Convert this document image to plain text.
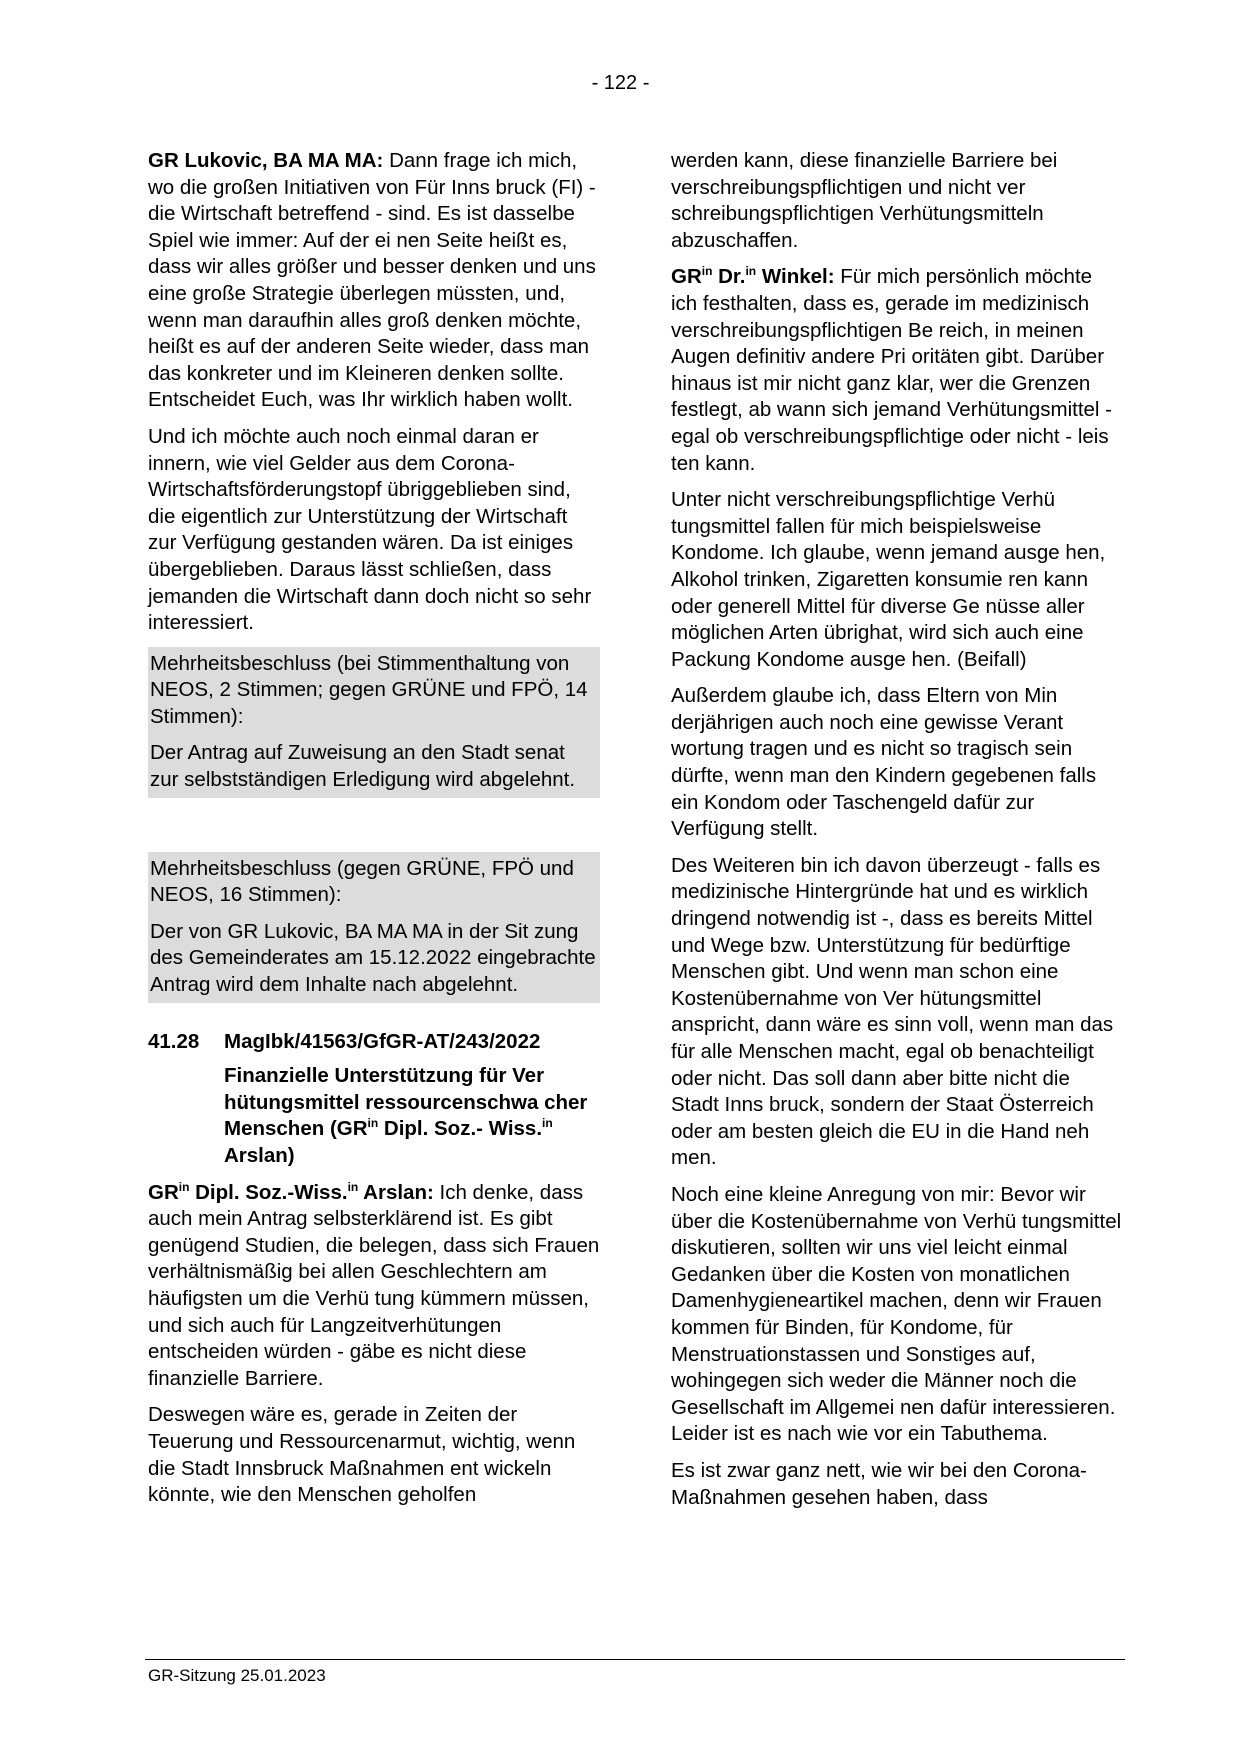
- 122 -

GR Lukovic, BA MA MA: Dann frage ich mich, wo die großen Initiativen von Für Inns bruck (FI) - die Wirtschaft betreffend - sind. Es ist dasselbe Spiel wie immer: Auf der ei nen Seite heißt es, dass wir alles größer und besser denken und uns eine große Strategie überlegen müssten, und, wenn man daraufhin alles groß denken möchte, heißt es auf der anderen Seite wieder, dass man das konkreter und im Kleineren denken sollte. Entscheidet Euch, was Ihr wirklich haben wollt.

Und ich möchte auch noch einmal daran er innern, wie viel Gelder aus dem Corona- Wirtschaftsförderungstopf übriggeblieben sind, die eigentlich zur Unterstützung der Wirtschaft zur Verfügung gestanden wären. Da ist einiges übergeblieben. Daraus lässt schließen, dass jemanden die Wirtschaft dann doch nicht so sehr interessiert.

Mehrheitsbeschluss (bei Stimmenthaltung von NEOS, 2 Stimmen; gegen GRÜNE und FPÖ, 14 Stimmen):

Der Antrag auf Zuweisung an den Stadt senat zur selbstständigen Erledigung wird abgelehnt.

Mehrheitsbeschluss (gegen GRÜNE, FPÖ und NEOS, 16 Stimmen):

Der von GR Lukovic, BA MA MA in der Sit zung des Gemeinderates am 15.12.2022 eingebrachte Antrag wird dem Inhalte nach abgelehnt.

41.28	MagIbk/41563/GfGR-AT/243/2022
Finanzielle Unterstützung für Ver hütungsmittel ressourcenschwa cher Menschen ($GR^{in}$ Dipl. Soz.- Wiss.$^{in}$ Arslan)

$GR^{in}$ Dipl. Soz.-Wiss.$^{in}$ Arslan: Ich denke, dass auch mein Antrag selbsterklärend ist. Es gibt genügend Studien, die belegen, dass sich Frauen verhältnismäßig bei allen Geschlechtern am häufigsten um die Verhü tung kümmern müssen, und sich auch für Langzeitverhütungen entscheiden würden - gäbe es nicht diese finanzielle Barriere.

Deswegen wäre es, gerade in Zeiten der Teuerung und Ressourcenarmut, wichtig, wenn die Stadt Innsbruck Maßnahmen ent wickeln könnte, wie den Menschen geholfen

werden kann, diese finanzielle Barriere bei verschreibungspflichtigen und nicht ver schreibungspflichtigen Verhütungsmitteln abzuschaffen.

$GR^{in}$ Dr.$^{in}$ Winkel: Für mich persönlich möchte ich festhalten, dass es, gerade im medizinisch verschreibungspflichtigen Be reich, in meinen Augen definitiv andere Pri oritäten gibt. Darüber hinaus ist mir nicht ganz klar, wer die Grenzen festlegt, ab wann sich jemand Verhütungsmittel - egal ob verschreibungspflichtige oder nicht - leis ten kann.

Unter nicht verschreibungspflichtige Verhü tungsmittel fallen für mich beispielsweise Kondome. Ich glaube, wenn jemand ausge hen, Alkohol trinken, Zigaretten konsumie ren kann oder generell Mittel für diverse Ge nüsse aller möglichen Arten übrighat, wird sich auch eine Packung Kondome ausge hen. (Beifall)

Außerdem glaube ich, dass Eltern von Min derjährigen auch noch eine gewisse Verant wortung tragen und es nicht so tragisch sein dürfte, wenn man den Kindern gegebenen falls ein Kondom oder Taschengeld dafür zur Verfügung stellt.

Des Weiteren bin ich davon überzeugt - falls es medizinische Hintergründe hat und es wirklich dringend notwendig ist -, dass es bereits Mittel und Wege bzw. Unterstützung für bedürftige Menschen gibt. Und wenn man schon eine Kostenübernahme von Ver hütungsmittel anspricht, dann wäre es sinn voll, wenn man das für alle Menschen macht, egal ob benachteiligt oder nicht. Das soll dann aber bitte nicht die Stadt Inns bruck, sondern der Staat Österreich oder am besten gleich die EU in die Hand neh men.

Noch eine kleine Anregung von mir: Bevor wir über die Kostenübernahme von Verhü tungsmittel diskutieren, sollten wir uns viel leicht einmal Gedanken über die Kosten von monatlichen Damenhygieneartikel machen, denn wir Frauen kommen für Binden, für Kondome, für Menstruationstassen und Sonstiges auf, wohingegen sich weder die Männer noch die Gesellschaft im Allgemei nen dafür interessieren. Leider ist es nach wie vor ein Tabuthema.

Es ist zwar ganz nett, wie wir bei den Corona-Maßnahmen gesehen haben, dass

GR-Sitzung 25.01.2023
